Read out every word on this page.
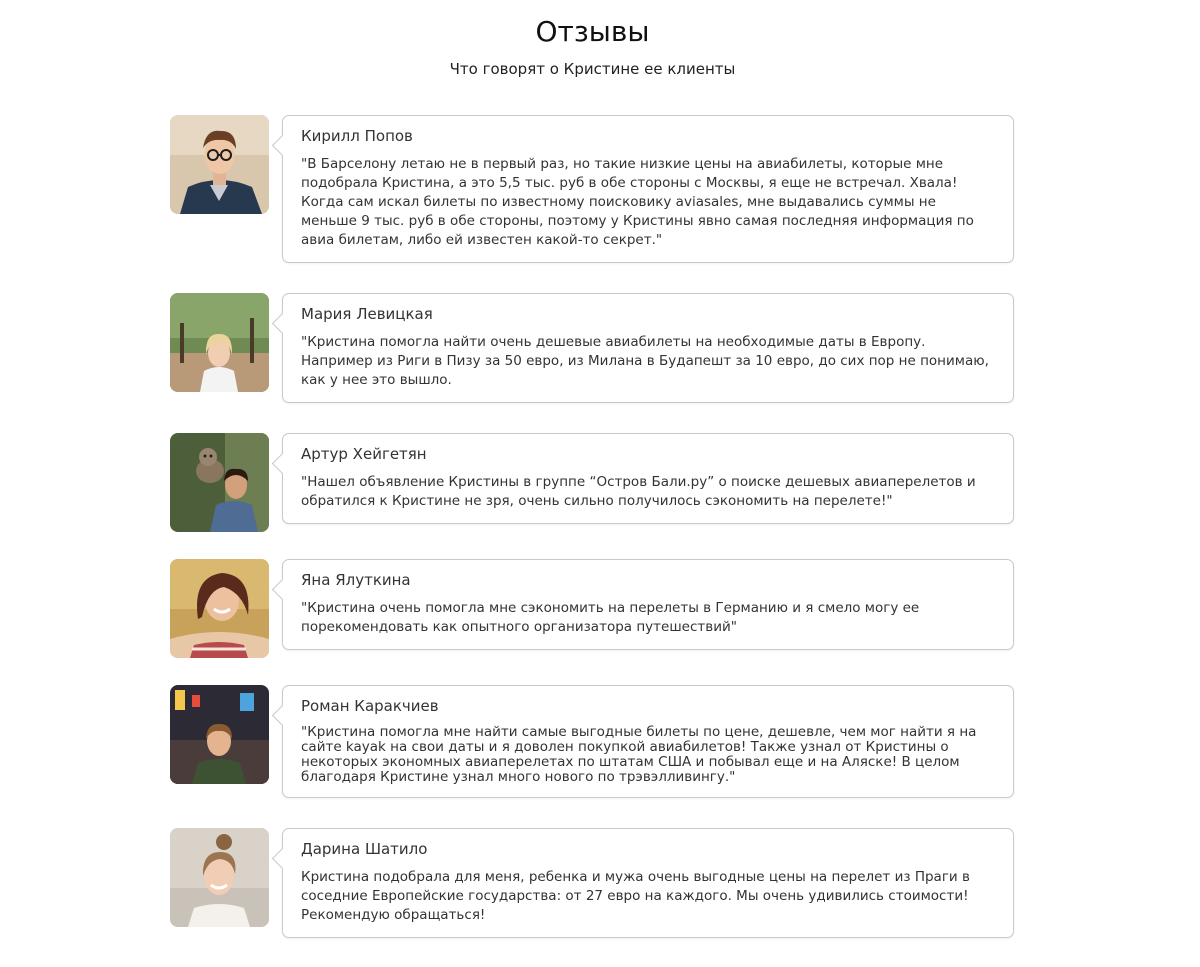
Отзывы
Что говорят о Кристине ее клиенты
Кирилл Попов
"В Барселону летаю не в первый раз, но такие низкие цены на авиабилеты, которые мне подобрала Кристина, а это 5,5 тыс. руб в обе стороны с Москвы, я еще не встречал. Хвала! Когда сам искал билеты по известному поисковику aviasales, мне выдавались суммы не меньше 9 тыс. руб в обе стороны, поэтому у Кристины явно самая последняя информация по авиа билетам, либо ей известен какой-то секрет."
Мария Левицкая
"Кристина помогла найти очень дешевые авиабилеты на необходимые даты в Европу. Например из Риги в Пизу за 50 евро, из Милана в Будапешт за 10 евро, до сих пор не понимаю, как у нее это вышло.
Артур Хейгетян
"Нашел объявление Кристины в группе “Остров Бали.ру” о поиске дешевых авиаперелетов и обратился к Кристине не зря, очень сильно получилось сэкономить на перелете!"
Яна Ялуткина
"Кристина очень помогла мне сэкономить на перелеты в Германию и я смело могу ее порекомендовать как опытного организатора путешествий"
Роман Каракчиев
"Кристина помогла мне найти самые выгодные билеты по цене, дешевле, чем мог найти я на сайте kayak на свои даты и я доволен покупкой авиабилетов! Также узнал от Кристины о некоторых экономных авиаперелетах по штатам США и побывал еще и на Аляске! В целом благодаря Кристине узнал много нового по трэвэлливингу."
Дарина Шатило
Кристина подобрала для меня, ребенка и мужа очень выгодные цены на перелет из Праги в соседние Европейские государства: от 27 евро на каждого. Мы очень удивились стоимости! Рекомендую обращаться!
